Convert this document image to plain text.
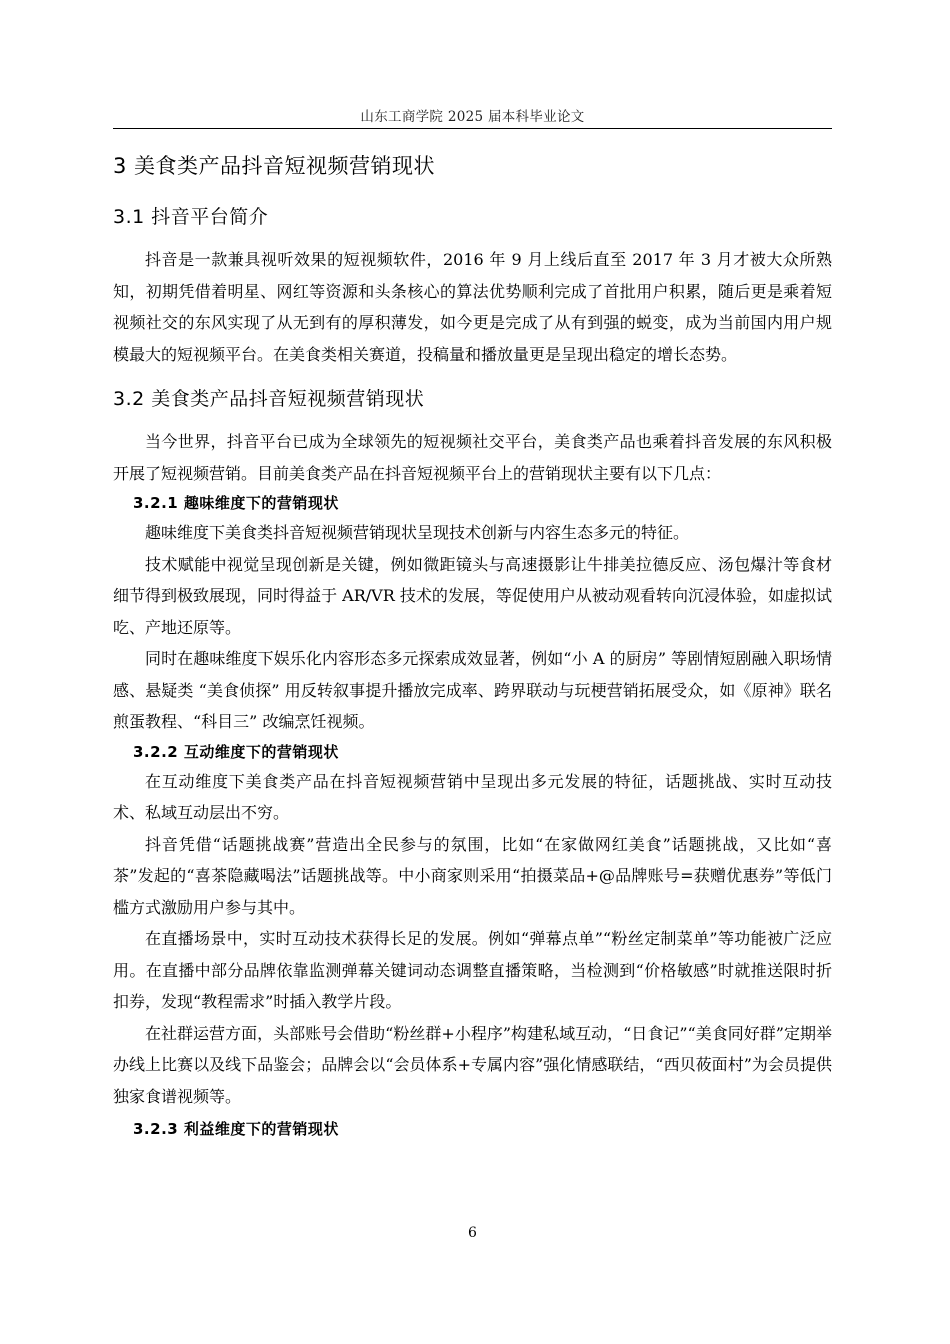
山东工商学院 2025 届本科毕业论文
3 美食类产品抖音短视频营销现状
3.1 抖音平台简介

抖音是一款兼具视听效果的短视频软件，2016 年 9 月上线后直至 2017 年 3 月才被大众所熟知，初期凭借着明星、网红等资源和头条核心的算法优势顺利完成了首批用户积累，随后更是乘着短视频社交的东风实现了从无到有的厚积薄发，如今更是完成了从有到强的蜕变，成为当前国内用户规模最大的短视频平台。在美食类相关赛道，投稿量和播放量更是呈现出稳定的增长态势。

3.2 美食类产品抖音短视频营销现状

当今世界，抖音平台已成为全球领先的短视频社交平台，美食类产品也乘着抖音发展的东风积极开展了短视频营销。目前美食类产品在抖音短视频平台上的营销现状主要有以下几点：

3.2.1 趣味维度下的营销现状

趣味维度下美食类抖音短视频营销现状呈现技术创新与内容生态多元的特征。

技术赋能中视觉呈现创新是关键，例如微距镜头与高速摄影让牛排美拉德反应、汤包爆汁等食材细节得到极致展现，同时得益于 AR/VR 技术的发展，等促使用户从被动观看转向沉浸体验，如虚拟试吃、产地还原等。

同时在趣味维度下娱乐化内容形态多元探索成效显著，例如“小 A 的厨房” 等剧情短剧融入职场情感、悬疑类 “美食侦探” 用反转叙事提升播放完成率、跨界联动与玩梗营销拓展受众，如《原神》联名煎蛋教程、“科目三” 改编烹饪视频。

3.2.2 互动维度下的营销现状

在互动维度下美食类产品在抖音短视频营销中呈现出多元发展的特征，话题挑战、实时互动技术、私域互动层出不穷。

抖音凭借“话题挑战赛”营造出全民参与的氛围，比如“在家做网红美食”话题挑战，又比如“喜茶”发起的“喜茶隐藏喝法”话题挑战等。中小商家则采用“拍摄菜品+@品牌账号=获赠优惠券”等低门槛方式激励用户参与其中。

在直播场景中，实时互动技术获得长足的发展。例如“弹幕点单”“粉丝定制菜单”等功能被广泛应用。在直播中部分品牌依靠监测弹幕关键词动态调整直播策略，当检测到“价格敏感”时就推送限时折扣券，发现“教程需求”时插入教学片段。

在社群运营方面，头部账号会借助“粉丝群+小程序”构建私域互动，“日食记”“美食同好群”定期举办线上比赛以及线下品鉴会；品牌会以“会员体系+专属内容”强化情感联结，“西贝莜面村”为会员提供独家食谱视频等。

3.2.3 利益维度下的营销现状
6
